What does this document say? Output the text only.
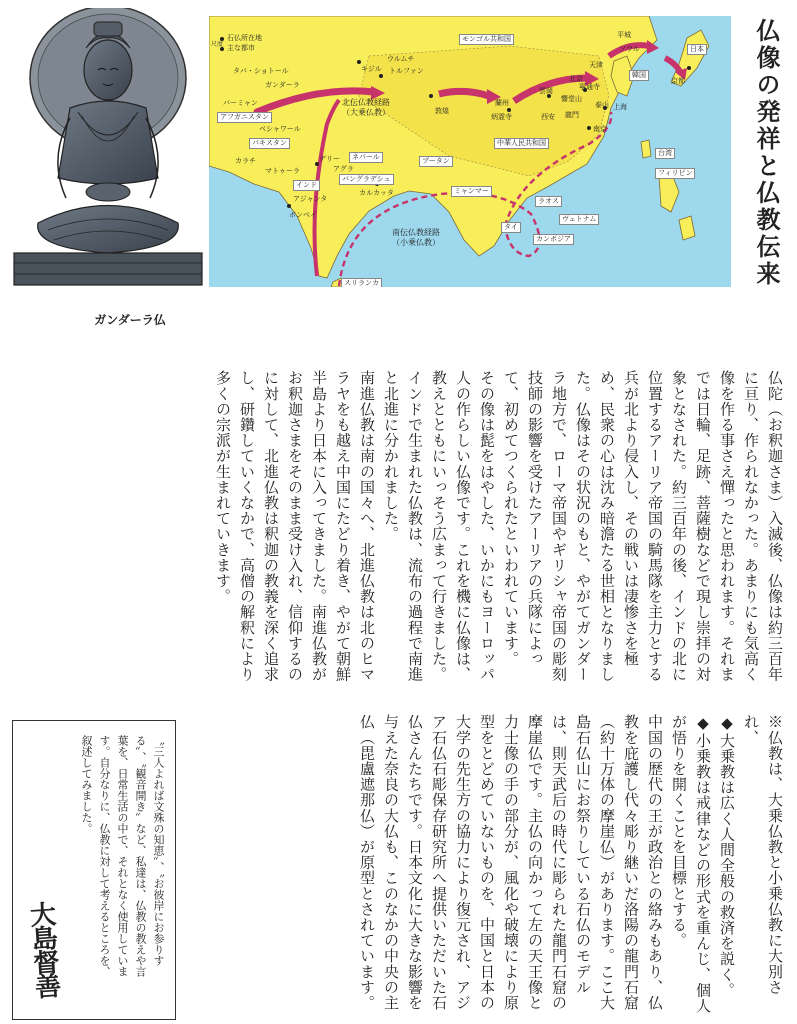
ガンダーラ仏
石仏所在地
主な都市
尺度
北伝仏教経路
（大乗仏教）
南伝仏教経路
（小乗仏教）
モンゴル共和国
中華人民共和国
アフガニスタン
パキスタン
インド
ネパール	ブータン
バングラデシュ
ミャンマー
ラオス
タイ
カンボジア
ヴェトナム
韓国
日本
台湾
フィリピン
スリランカ
タバ・ショトール
ガンダーラ
バーミャン
ベシャワール
カラチ
マトゥーラ
デリー
アグラ
アジャンタ
ボンベイ
カルカッタ
キジル
ウルムチ
トルファン
敦煌
蘭州
炳霊寺	西安
雲岡
北京
天津
龍門
響堂山
泰山 上海
南京
平城
ソウル
寧通寺
京都	仏像の発祥と仏教伝来

仏陀（お釈迦さま）入滅後、仏像は約三百年に亘り、作られなかった。あまりにも気高く像を作る事さえ憚ったと思われます。それまでは日輪、足跡、菩薩樹などで現し崇拝の対象となされた。約三百年の後、インドの北に位置するアーリア帝国の騎馬隊を主力とする兵が北より侵入し、その戦いは凄惨さを極め、民衆の心は沈み暗澹たる世相となりました。仏像はその状況のもと、やがてガンダーラ地方で、ローマ帝国やギリシャ帝国の彫刻技師の影響を受けたアーリアの兵隊によって、初めてつくられたといわれています。

その像は髭をはやした、いかにもヨーロッパ人の作らしい仏像です。これを機に仏像は、教えとともにいっそう広まって行きました。インドで生まれた仏教は、流布の過程で南進と北進に分かれました。

南進仏教は南の国々へ、北進仏教は北のヒマラヤをも越え中国にたどり着き、やがて朝鮮半島より日本に入ってきました。南進仏教がお釈迦さまをそのまま受け入れ、信仰するのに対して、北進仏教は釈迦の教義を深く追求し、研鑽していくなかで、高僧の解釈により多くの宗派が生まれていきます。

※仏教は、大乗仏教と小乗仏教に大別され、

◆大乗教は広く人間全般の救済を説く。

◆小乗教は戒律などの形式を重んじ、個人が悟りを開くことを目標とする。

中国の歴代の王が政治との絡みもあり、仏教を庇護し代々彫り継いだ洛陽の龍門石窟（約十万体の摩崖仏）があります。ここ大島石仏山にお祭りしている石仏のモデルは、則天武后の時代に彫られた龍門石窟の摩崖仏です。主仏の向かって左の天王像と力士像の手の部分が、風化や破壊により原型をとどめていないものを、中国と日本の大学の先生方の協力により復元され、アジア石仏石彫保存研究所へ提供いただいた石仏さんたちです。日本文化に大きな影響を与えた奈良の大仏も、このなかの中央の主仏（毘盧遮那仏）が原型とされています。

〝三人よれば文殊の知恵〟、〝お彼岸にお参りする〟、〝観音開き〟など、私達は、仏教の教えや言葉を、日常生活の中で、それとなく使用しています。自分なりに、仏教に対して考えるところを、叙述してみました。
大島督善
